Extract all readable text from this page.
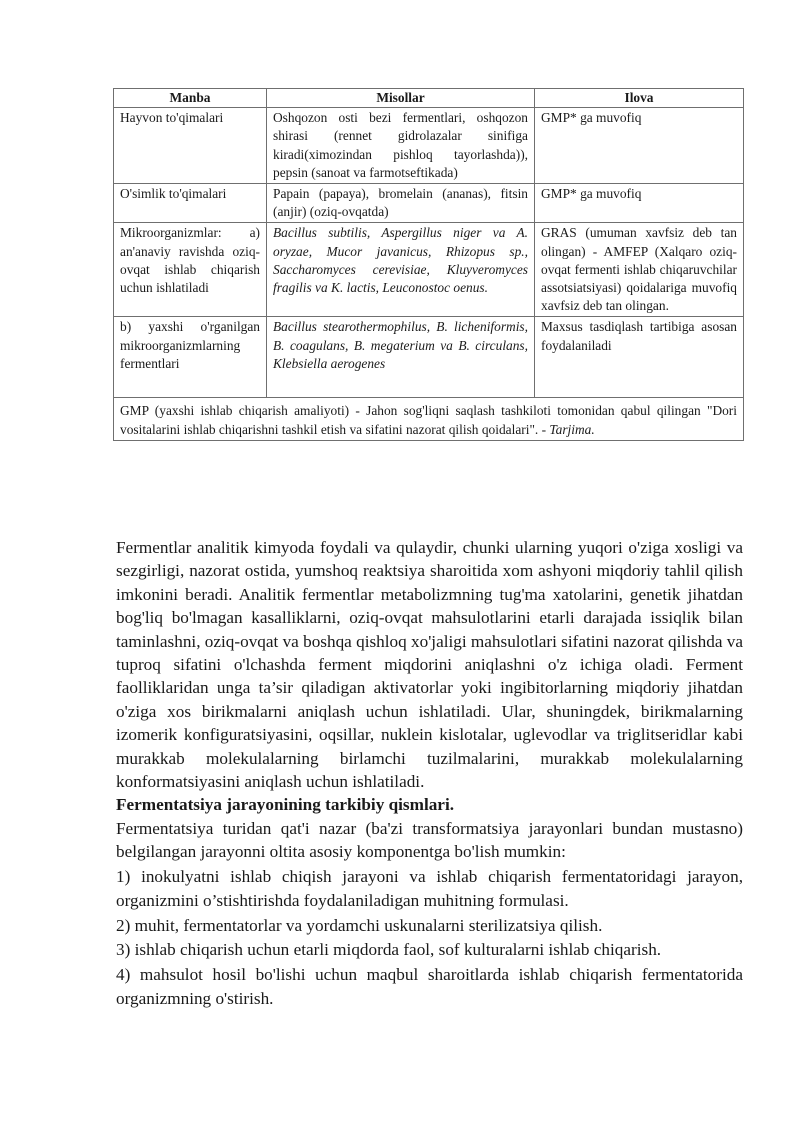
Manba	Misollar	Ilova
Hayvon to'qimalari	Oshqozon osti bezi fermentlari, oshqozon shirasi (rennet gidrolazalar sinifiga kiradi(ximozindan pishloq tayorlashda)), pepsin (sanoat va farmotseftikada)	GMP* ga muvofiq
O'simlik to'qimalari	Papain (papaya), bromelain (ananas), fitsin (anjir) (oziq-ovqatda)	GMP* ga muvofiq
Mikroorganizmlar: a) an'anaviy ravishda oziq-ovqat ishlab chiqarish uchun ishlatiladi	Bacillus subtilis, Aspergillus niger va A. oryzae, Mucor javanicus, Rhizopus sp., Saccharomyces cerevisiae, Kluyveromyces fragilis va K. lactis, Leuconostoc oenus.	GRAS (umuman xavfsiz deb tan olingan) - AMFEP (Xalqaro oziq-ovqat fermenti ishlab chiqaruvchilar assotsiatsiyasi) qoidalariga muvofiq xavfsiz deb tan olingan.
b) yaxshi o'rganilgan mikroorganizmlarning fermentlari	Bacillus stearothermophilus, B. licheniformis, B. coagulans, B. megaterium va B. circulans, Klebsiella aerogenes	Maxsus tasdiqlash tartibiga asosan foydalaniladi
GMP (yaxshi ishlab chiqarish amaliyoti) - Jahon sog'liqni saqlash tashkiloti tomonidan qabul qilingan "Dori vositalarini ishlab chiqarishni tashkil etish va sifatini nazorat qilish qoidalari". - Tarjima.		

Fermentlar analitik kimyoda foydali va qulaydir, chunki ularning yuqori o'ziga xosligi va sezgirligi, nazorat ostida, yumshoq reaktsiya sharoitida xom ashyoni miqdoriy tahlil qilish imkonini beradi. Analitik fermentlar metabolizmning tug'ma xatolarini, genetik jihatdan bog'liq bo'lmagan kasalliklarni, oziq-ovqat mahsulotlarini etarli darajada issiqlik bilan taminlashni, oziq-ovqat va boshqa qishloq xo'jaligi mahsulotlari sifatini nazorat qilishda va tuproq sifatini o'lchashda ferment miqdorini aniqlashni o'z ichiga oladi. Ferment faolliklaridan unga ta’sir qiladigan aktivatorlar yoki ingibitorlarning miqdoriy jihatdan o'ziga xos birikmalarni aniqlash uchun ishlatiladi. Ular, shuningdek, birikmalarning izomerik konfiguratsiyasini, oqsillar, nuklein kislotalar, uglevodlar va triglitseridlar kabi murakkab molekulalarning birlamchi tuzilmalarini, murakkab molekulalarning konformatsiyasini aniqlash uchun ishlatiladi.

Fermentatsiya jarayonining tarkibiy qismlari.

Fermentatsiya turidan qat'i nazar (ba'zi transformatsiya jarayonlari bundan mustasno) belgilangan jarayonni oltita asosiy komponentga bo'lish mumkin:

1) inokulyatni ishlab chiqish jarayoni va ishlab chiqarish fermentatoridagi jarayon, organizmini o’stishtirishda foydalaniladigan muhitning formulasi.

2) muhit, fermentatorlar va yordamchi uskunalarni sterilizatsiya qilish.

3) ishlab chiqarish uchun etarli miqdorda faol, sof kulturalarni ishlab chiqarish.

4) mahsulot hosil bo'lishi uchun maqbul sharoitlarda ishlab chiqarish fermentatorida organizmning o'stirish.
